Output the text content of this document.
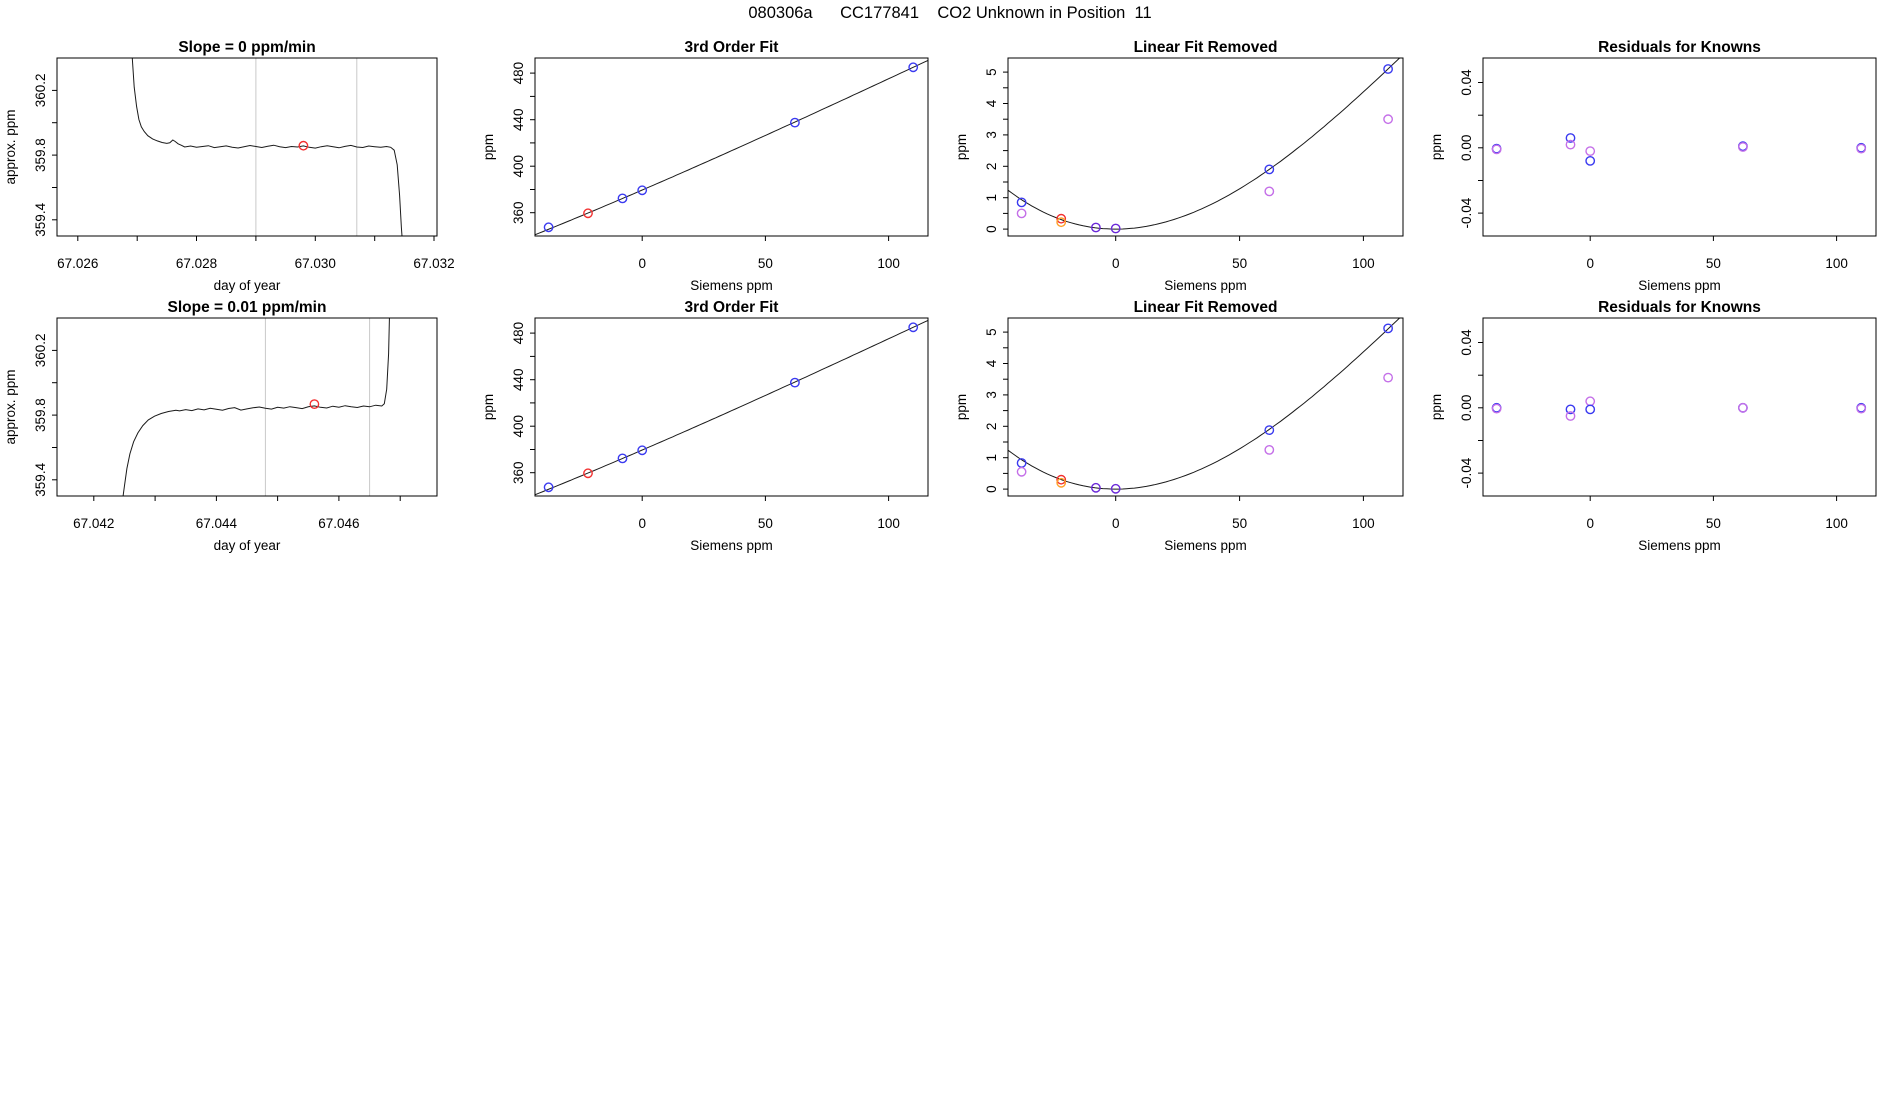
080306a      CC177841    CO2 Unknown in Position  11
67.026	67.028	67.030	67.032
359.4
359.8
360.2
Slope = 0 ppm/min
day of year
approx. ppm
0	50	100
360
400
440
480
3rd Order Fit
Siemens ppm
ppm
0	50	100
0
1
2
3
4
5
Linear Fit Removed
Siemens ppm
ppm
0	50	100
-0.04
0.00
0.04
Residuals for Knowns
Siemens ppm
ppm
67.042	67.044	67.046
359.4
359.8
360.2
Slope = 0.01 ppm/min
day of year
approx. ppm
0	50	100
360
400
440
480
3rd Order Fit
Siemens ppm
ppm
0	50	100
0
1
2
3
4
5
Linear Fit Removed
Siemens ppm
ppm
0	50	100
-0.04
0.00
0.04
Residuals for Knowns
Siemens ppm
ppm
